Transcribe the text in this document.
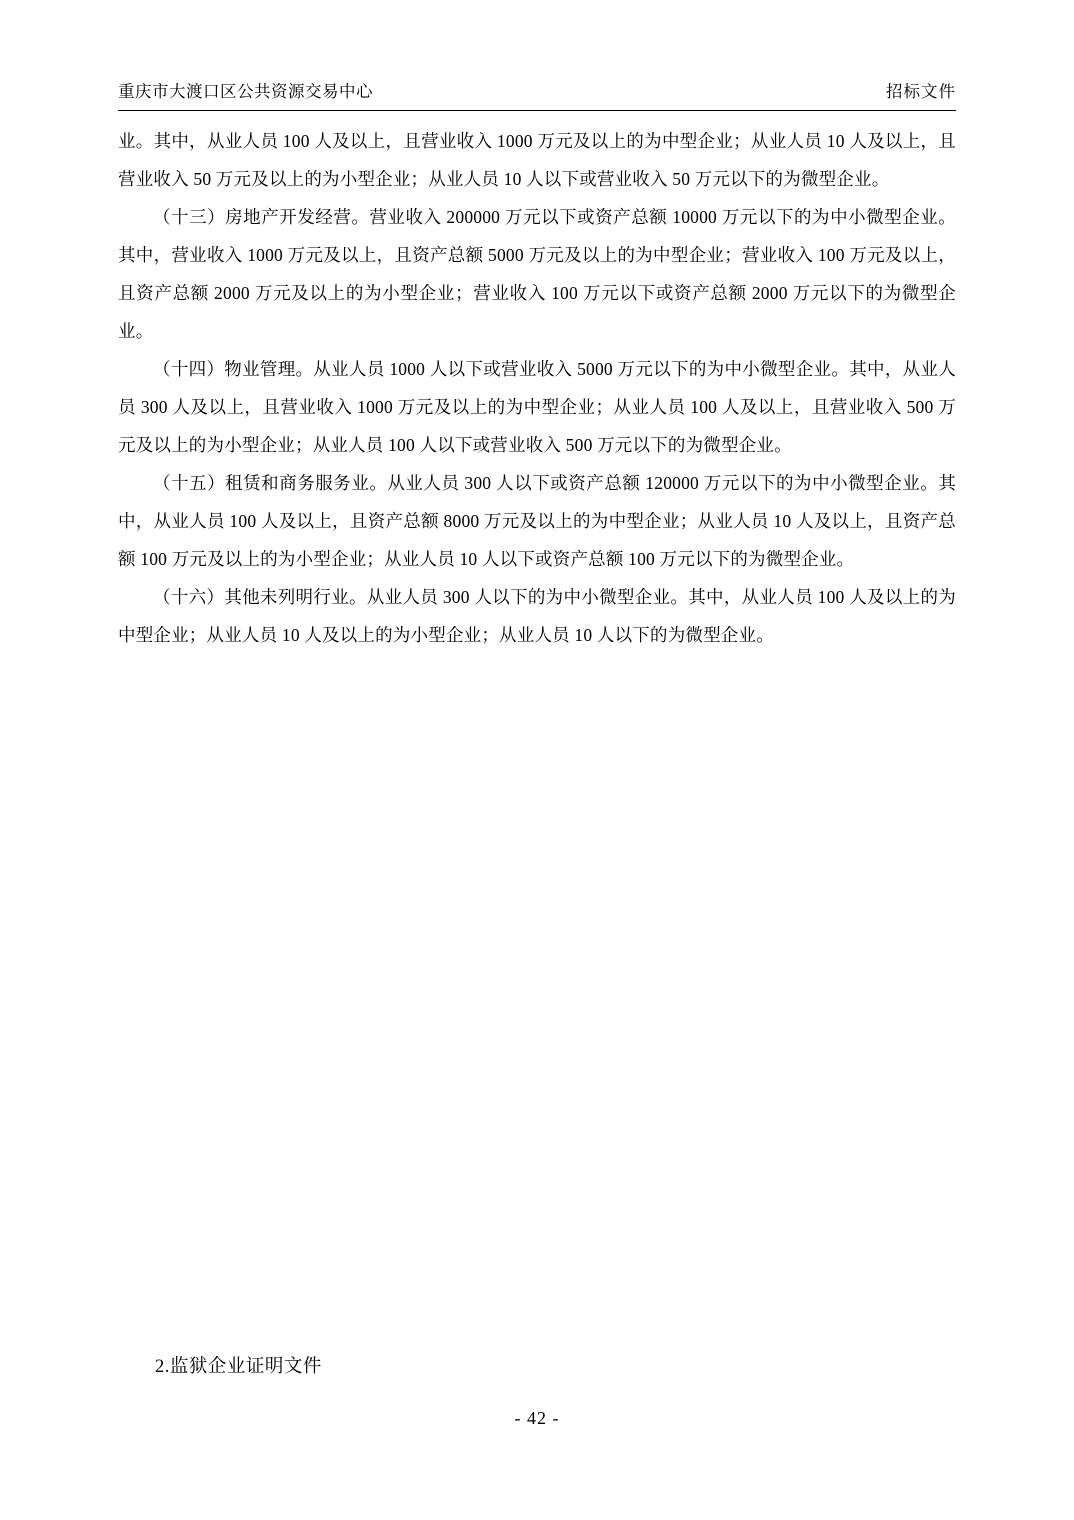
重庆市大渡口区公共资源交易中心	招标文件

业。其中，从业人员 100 人及以上，且营业收入 1000 万元及以上的为中型企业；从业人员 10 人及以上，且营业收入 50 万元及以上的为小型企业；从业人员 10 人以下或营业收入 50 万元以下的为微型企业。

（十三）房地产开发经营。营业收入 200000 万元以下或资产总额 10000 万元以下的为中小微型企业。其中，营业收入 1000 万元及以上，且资产总额 5000 万元及以上的为中型企业；营业收入 100 万元及以上，且资产总额 2000 万元及以上的为小型企业；营业收入 100 万元以下或资产总额 2000 万元以下的为微型企业。

（十四）物业管理。从业人员 1000 人以下或营业收入 5000 万元以下的为中小微型企业。其中，从业人员 300 人及以上，且营业收入 1000 万元及以上的为中型企业；从业人员 100 人及以上，且营业收入 500 万元及以上的为小型企业；从业人员 100 人以下或营业收入 500 万元以下的为微型企业。

（十五）租赁和商务服务业。从业人员 300 人以下或资产总额 120000 万元以下的为中小微型企业。其中，从业人员 100 人及以上，且资产总额 8000 万元及以上的为中型企业；从业人员 10 人及以上，且资产总额 100 万元及以上的为小型企业；从业人员 10 人以下或资产总额 100 万元以下的为微型企业。

（十六）其他未列明行业。从业人员 300 人以下的为中小微型企业。其中，从业人员 100 人及以上的为中型企业；从业人员 10 人及以上的为小型企业；从业人员 10 人以下的为微型企业。

2.监狱企业证明文件
- 42 -
